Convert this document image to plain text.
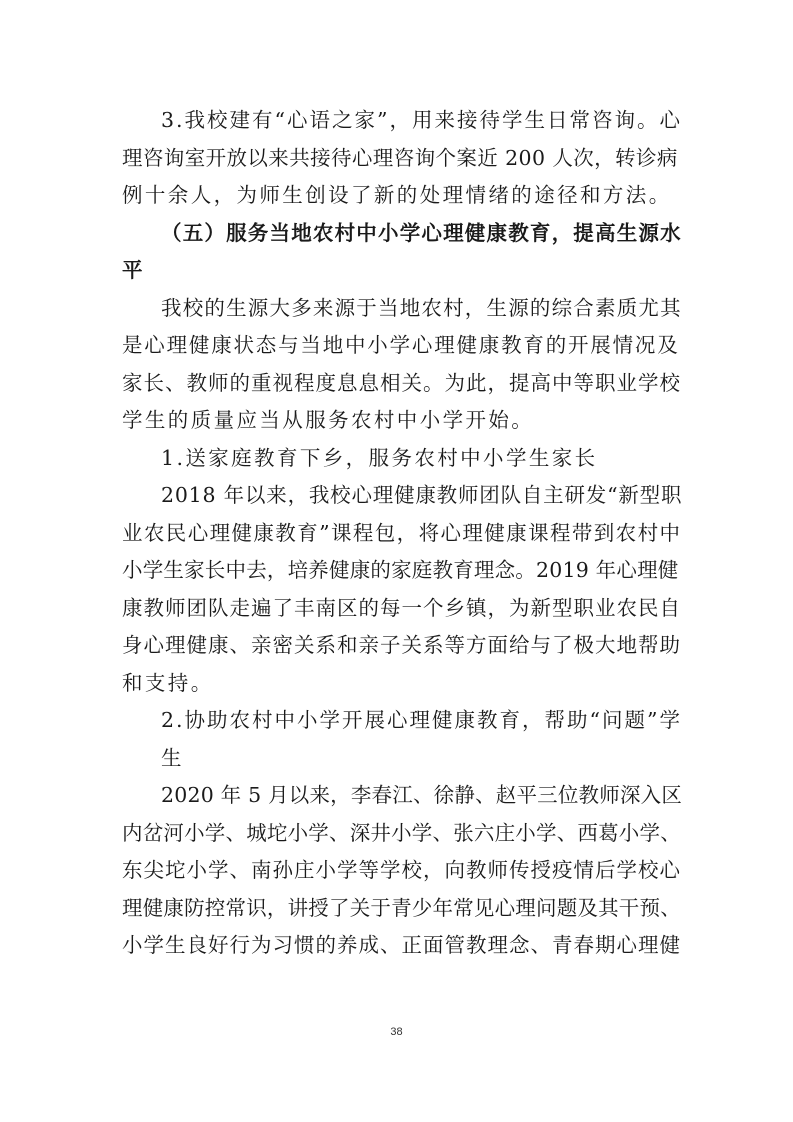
3.我校建有“心语之家”，用来接待学生日常咨询。心
理咨询室开放以来共接待心理咨询个案近 200 人次，转诊病
例十余人，为师生创设了新的处理情绪的途径和方法。
（五）服务当地农村中小学心理健康教育，提高生源水
平
我校的生源大多来源于当地农村，生源的综合素质尤其
是心理健康状态与当地中小学心理健康教育的开展情况及
家长、教师的重视程度息息相关。为此，提高中等职业学校
学生的质量应当从服务农村中小学开始。
1.送家庭教育下乡，服务农村中小学生家长
2018 年以来，我校心理健康教师团队自主研发“新型职
业农民心理健康教育”课程包，将心理健康课程带到农村中
小学生家长中去，培养健康的家庭教育理念。2019 年心理健
康教师团队走遍了丰南区的每一个乡镇，为新型职业农民自
身心理健康、亲密关系和亲子关系等方面给与了极大地帮助
和支持。
2.协助农村中小学开展心理健康教育，帮助“问题”学
生
2020 年 5 月以来，李春江、徐静、赵平三位教师深入区
内岔河小学、城坨小学、深井小学、张六庄小学、西葛小学、
东尖坨小学、南孙庄小学等学校，向教师传授疫情后学校心
理健康防控常识，讲授了关于青少年常见心理问题及其干预、
小学生良好行为习惯的养成、正面管教理念、青春期心理健
38
